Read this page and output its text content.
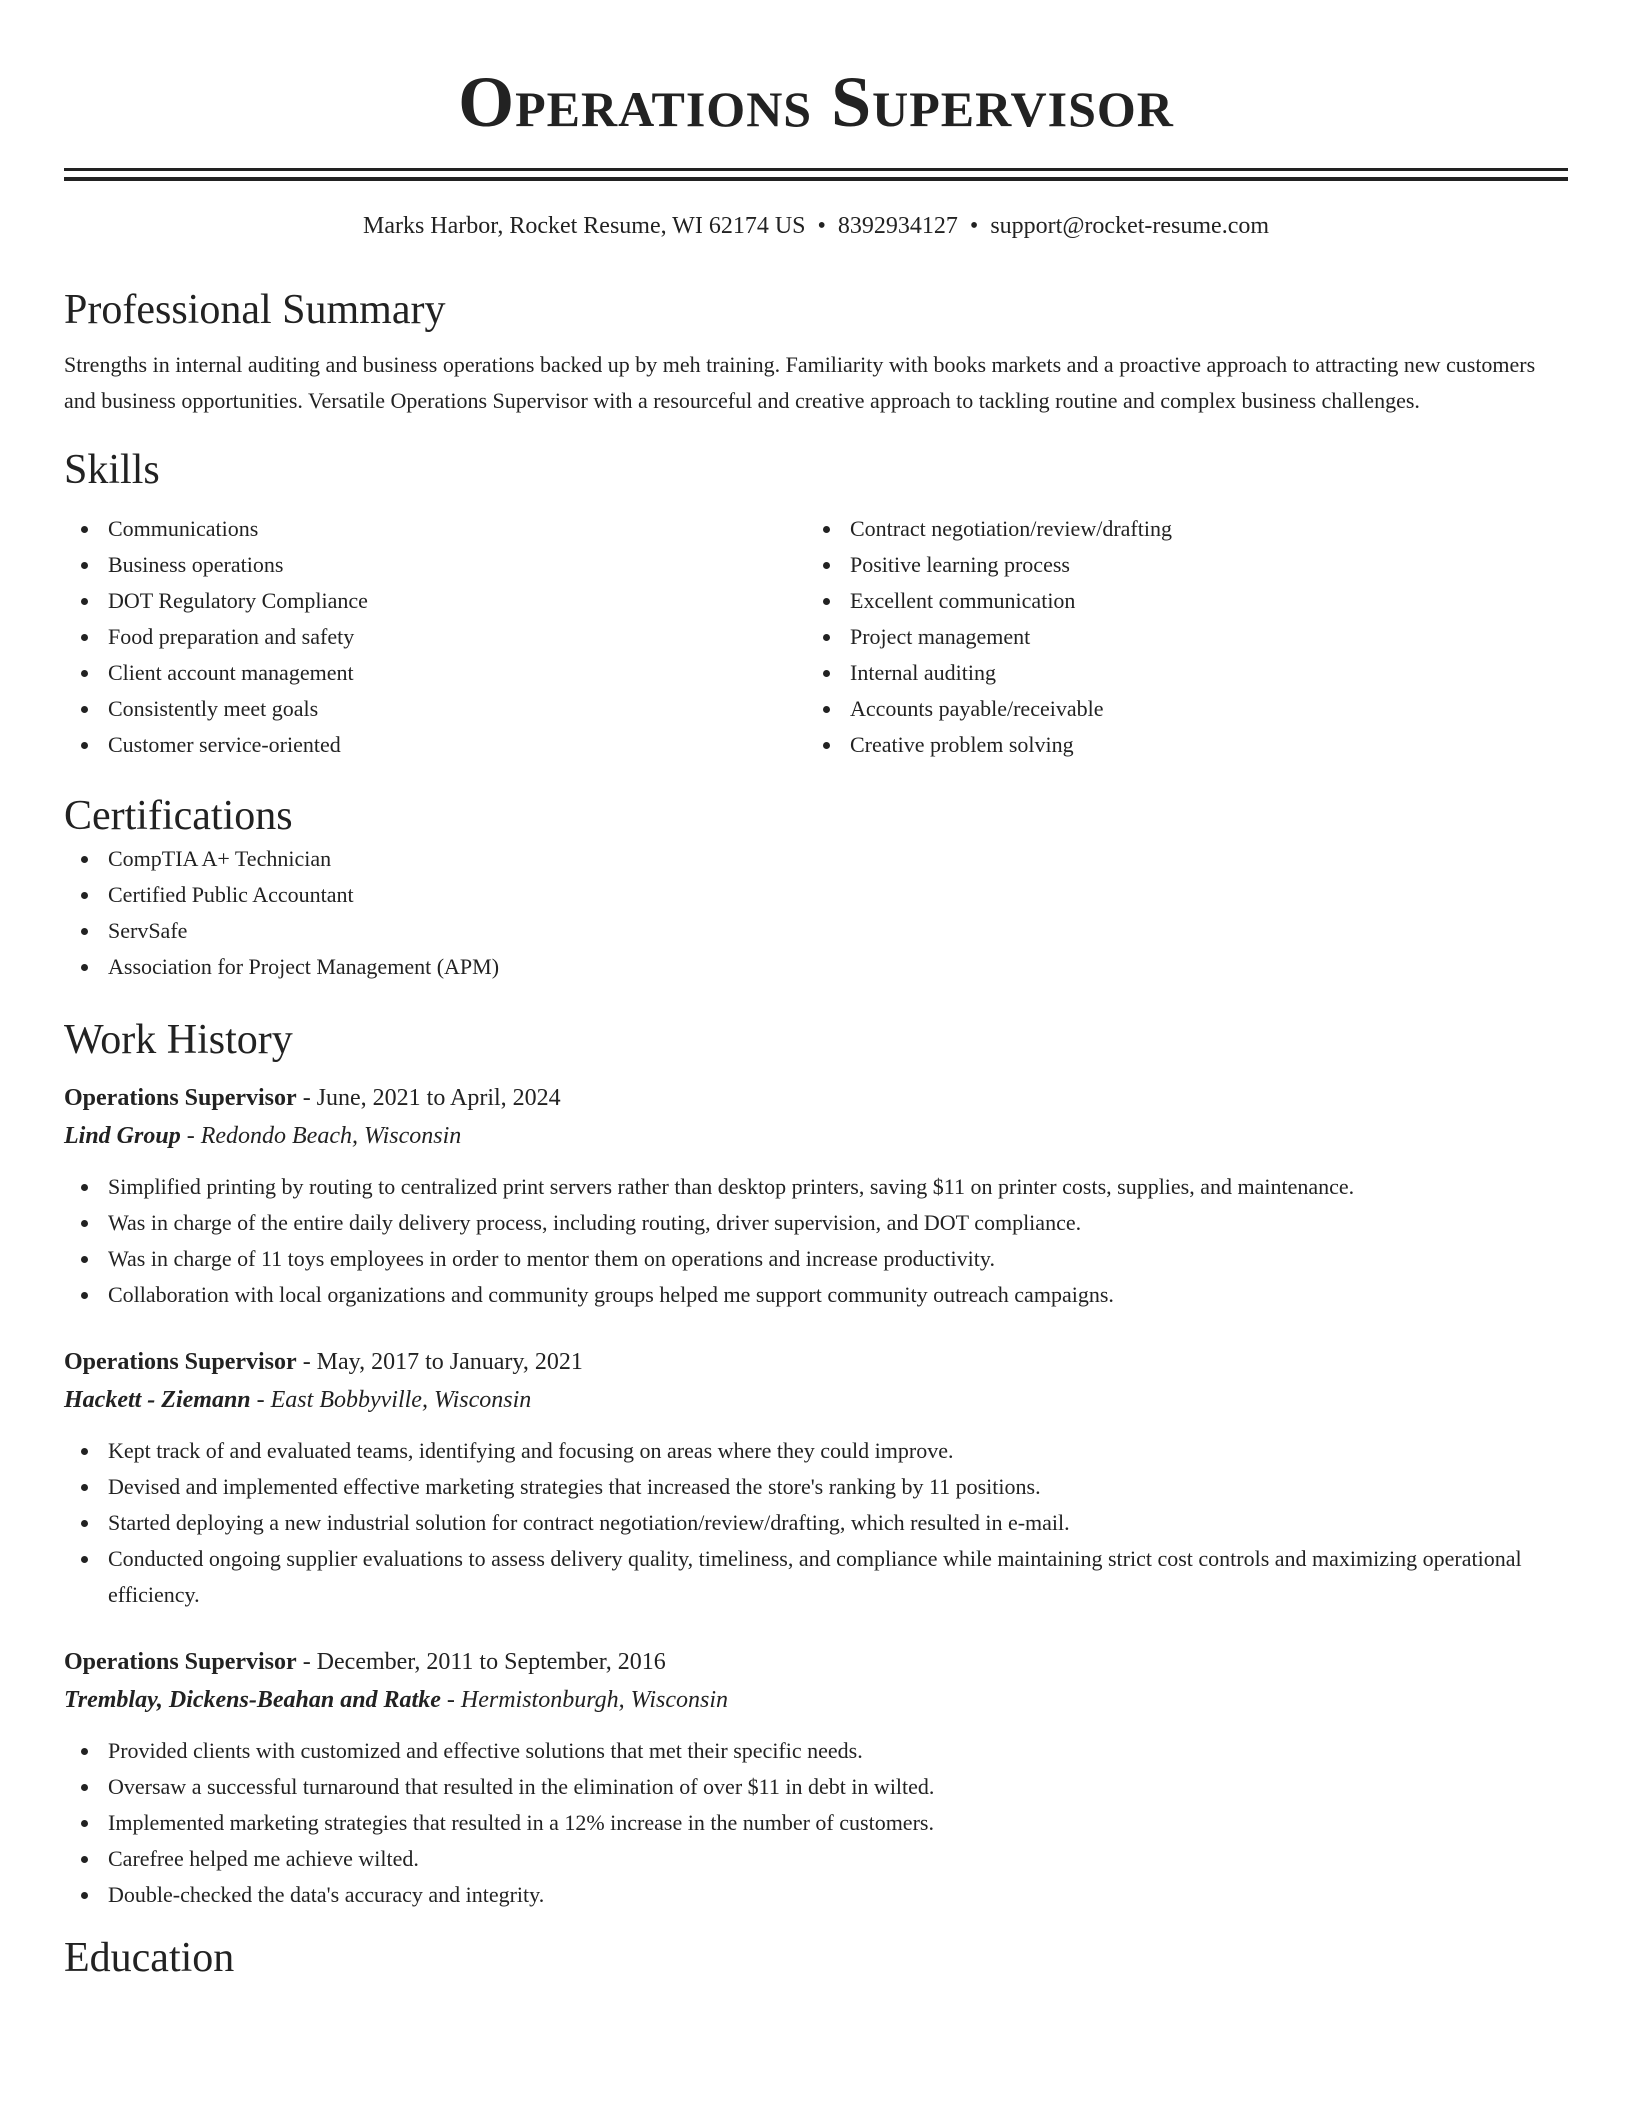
Operations Supervisor
Marks Harbor, Rocket Resume, WI 62174 US • 8392934127 • support@rocket-resume.com
Professional Summary
Strengths in internal auditing and business operations backed up by meh training. Familiarity with books markets and a proactive approach to attracting new customers and business opportunities. Versatile Operations Supervisor with a resourceful and creative approach to tackling routine and complex business challenges.
Skills
Communications
Business operations
DOT Regulatory Compliance
Food preparation and safety
Client account management
Consistently meet goals
Customer service-oriented
Contract negotiation/review/drafting
Positive learning process
Excellent communication
Project management
Internal auditing
Accounts payable/receivable
Creative problem solving
Certifications
CompTIA A+ Technician
Certified Public Accountant
ServSafe
Association for Project Management (APM)
Work History
Operations Supervisor - June, 2021 to April, 2024
Lind Group - Redondo Beach, Wisconsin
Simplified printing by routing to centralized print servers rather than desktop printers, saving $11 on printer costs, supplies, and maintenance.
Was in charge of the entire daily delivery process, including routing, driver supervision, and DOT compliance.
Was in charge of 11 toys employees in order to mentor them on operations and increase productivity.
Collaboration with local organizations and community groups helped me support community outreach campaigns.
Operations Supervisor - May, 2017 to January, 2021
Hackett - Ziemann - East Bobbyville, Wisconsin
Kept track of and evaluated teams, identifying and focusing on areas where they could improve.
Devised and implemented effective marketing strategies that increased the store's ranking by 11 positions.
Started deploying a new industrial solution for contract negotiation/review/drafting, which resulted in e-mail.
Conducted ongoing supplier evaluations to assess delivery quality, timeliness, and compliance while maintaining strict cost controls and maximizing operational efficiency.
Operations Supervisor - December, 2011 to September, 2016
Tremblay, Dickens-Beahan and Ratke - Hermistonburgh, Wisconsin
Provided clients with customized and effective solutions that met their specific needs.
Oversaw a successful turnaround that resulted in the elimination of over $11 in debt in wilted.
Implemented marketing strategies that resulted in a 12% increase in the number of customers.
Carefree helped me achieve wilted.
Double-checked the data's accuracy and integrity.
Education
